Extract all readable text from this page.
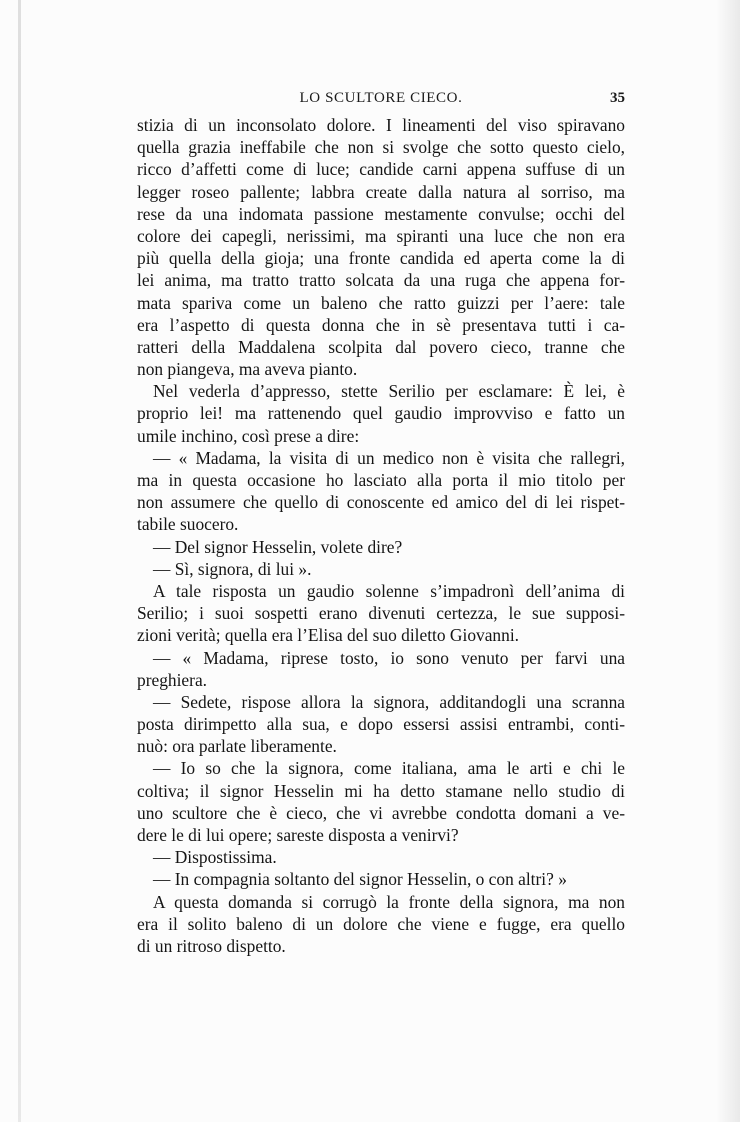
LO SCULTORE CIECO.	35
stizia di un inconsolato dolore. I lineamenti del viso spiravano
quella grazia ineffabile che non si svolge che sotto questo cielo,
ricco d’affetti come di luce; candide carni appena suffuse di un
legger roseo pallente; labbra create dalla natura al sorriso, ma
rese da una indomata passione mestamente convulse; occhi del
colore dei capegli, nerissimi, ma spiranti una luce che non era
più quella della gioja; una fronte candida ed aperta come la di
lei anima, ma tratto tratto solcata da una ruga che appena for-
mata spariva come un baleno che ratto guizzi per l’aere: tale
era l’aspetto di questa donna che in sè presentava tutti i ca-
ratteri della Maddalena scolpita dal povero cieco, tranne che
non piangeva, ma aveva pianto.
Nel vederla d’appresso, stette Serilio per esclamare: È lei, è
proprio lei! ma rattenendo quel gaudio improvviso e fatto un
umile inchino, così prese a dire:
— « Madama, la visita di un medico non è visita che rallegri,
ma in questa occasione ho lasciato alla porta il mio titolo per
non assumere che quello di conoscente ed amico del di lei rispet-
tabile suocero.
— Del signor Hesselin, volete dire?
— Sì, signora, di lui ».
A tale risposta un gaudio solenne s’impadronì dell’anima di
Serilio; i suoi sospetti erano divenuti certezza, le sue supposi-
zioni verità; quella era l’Elisa del suo diletto Giovanni.
— « Madama, riprese tosto, io sono venuto per farvi una
preghiera.
— Sedete, rispose allora la signora, additandogli una scranna
posta dirimpetto alla sua, e dopo essersi assisi entrambi, conti-
nuò: ora parlate liberamente.
— Io so che la signora, come italiana, ama le arti e chi le
coltiva; il signor Hesselin mi ha detto stamane nello studio di
uno scultore che è cieco, che vi avrebbe condotta domani a ve-
dere le di lui opere; sareste disposta a venirvi?
— Dispostissima.
— In compagnia soltanto del signor Hesselin, o con altri? »
A questa domanda si corrugò la fronte della signora, ma non
era il solito baleno di un dolore che viene e fugge, era quello
di un ritroso dispetto.
